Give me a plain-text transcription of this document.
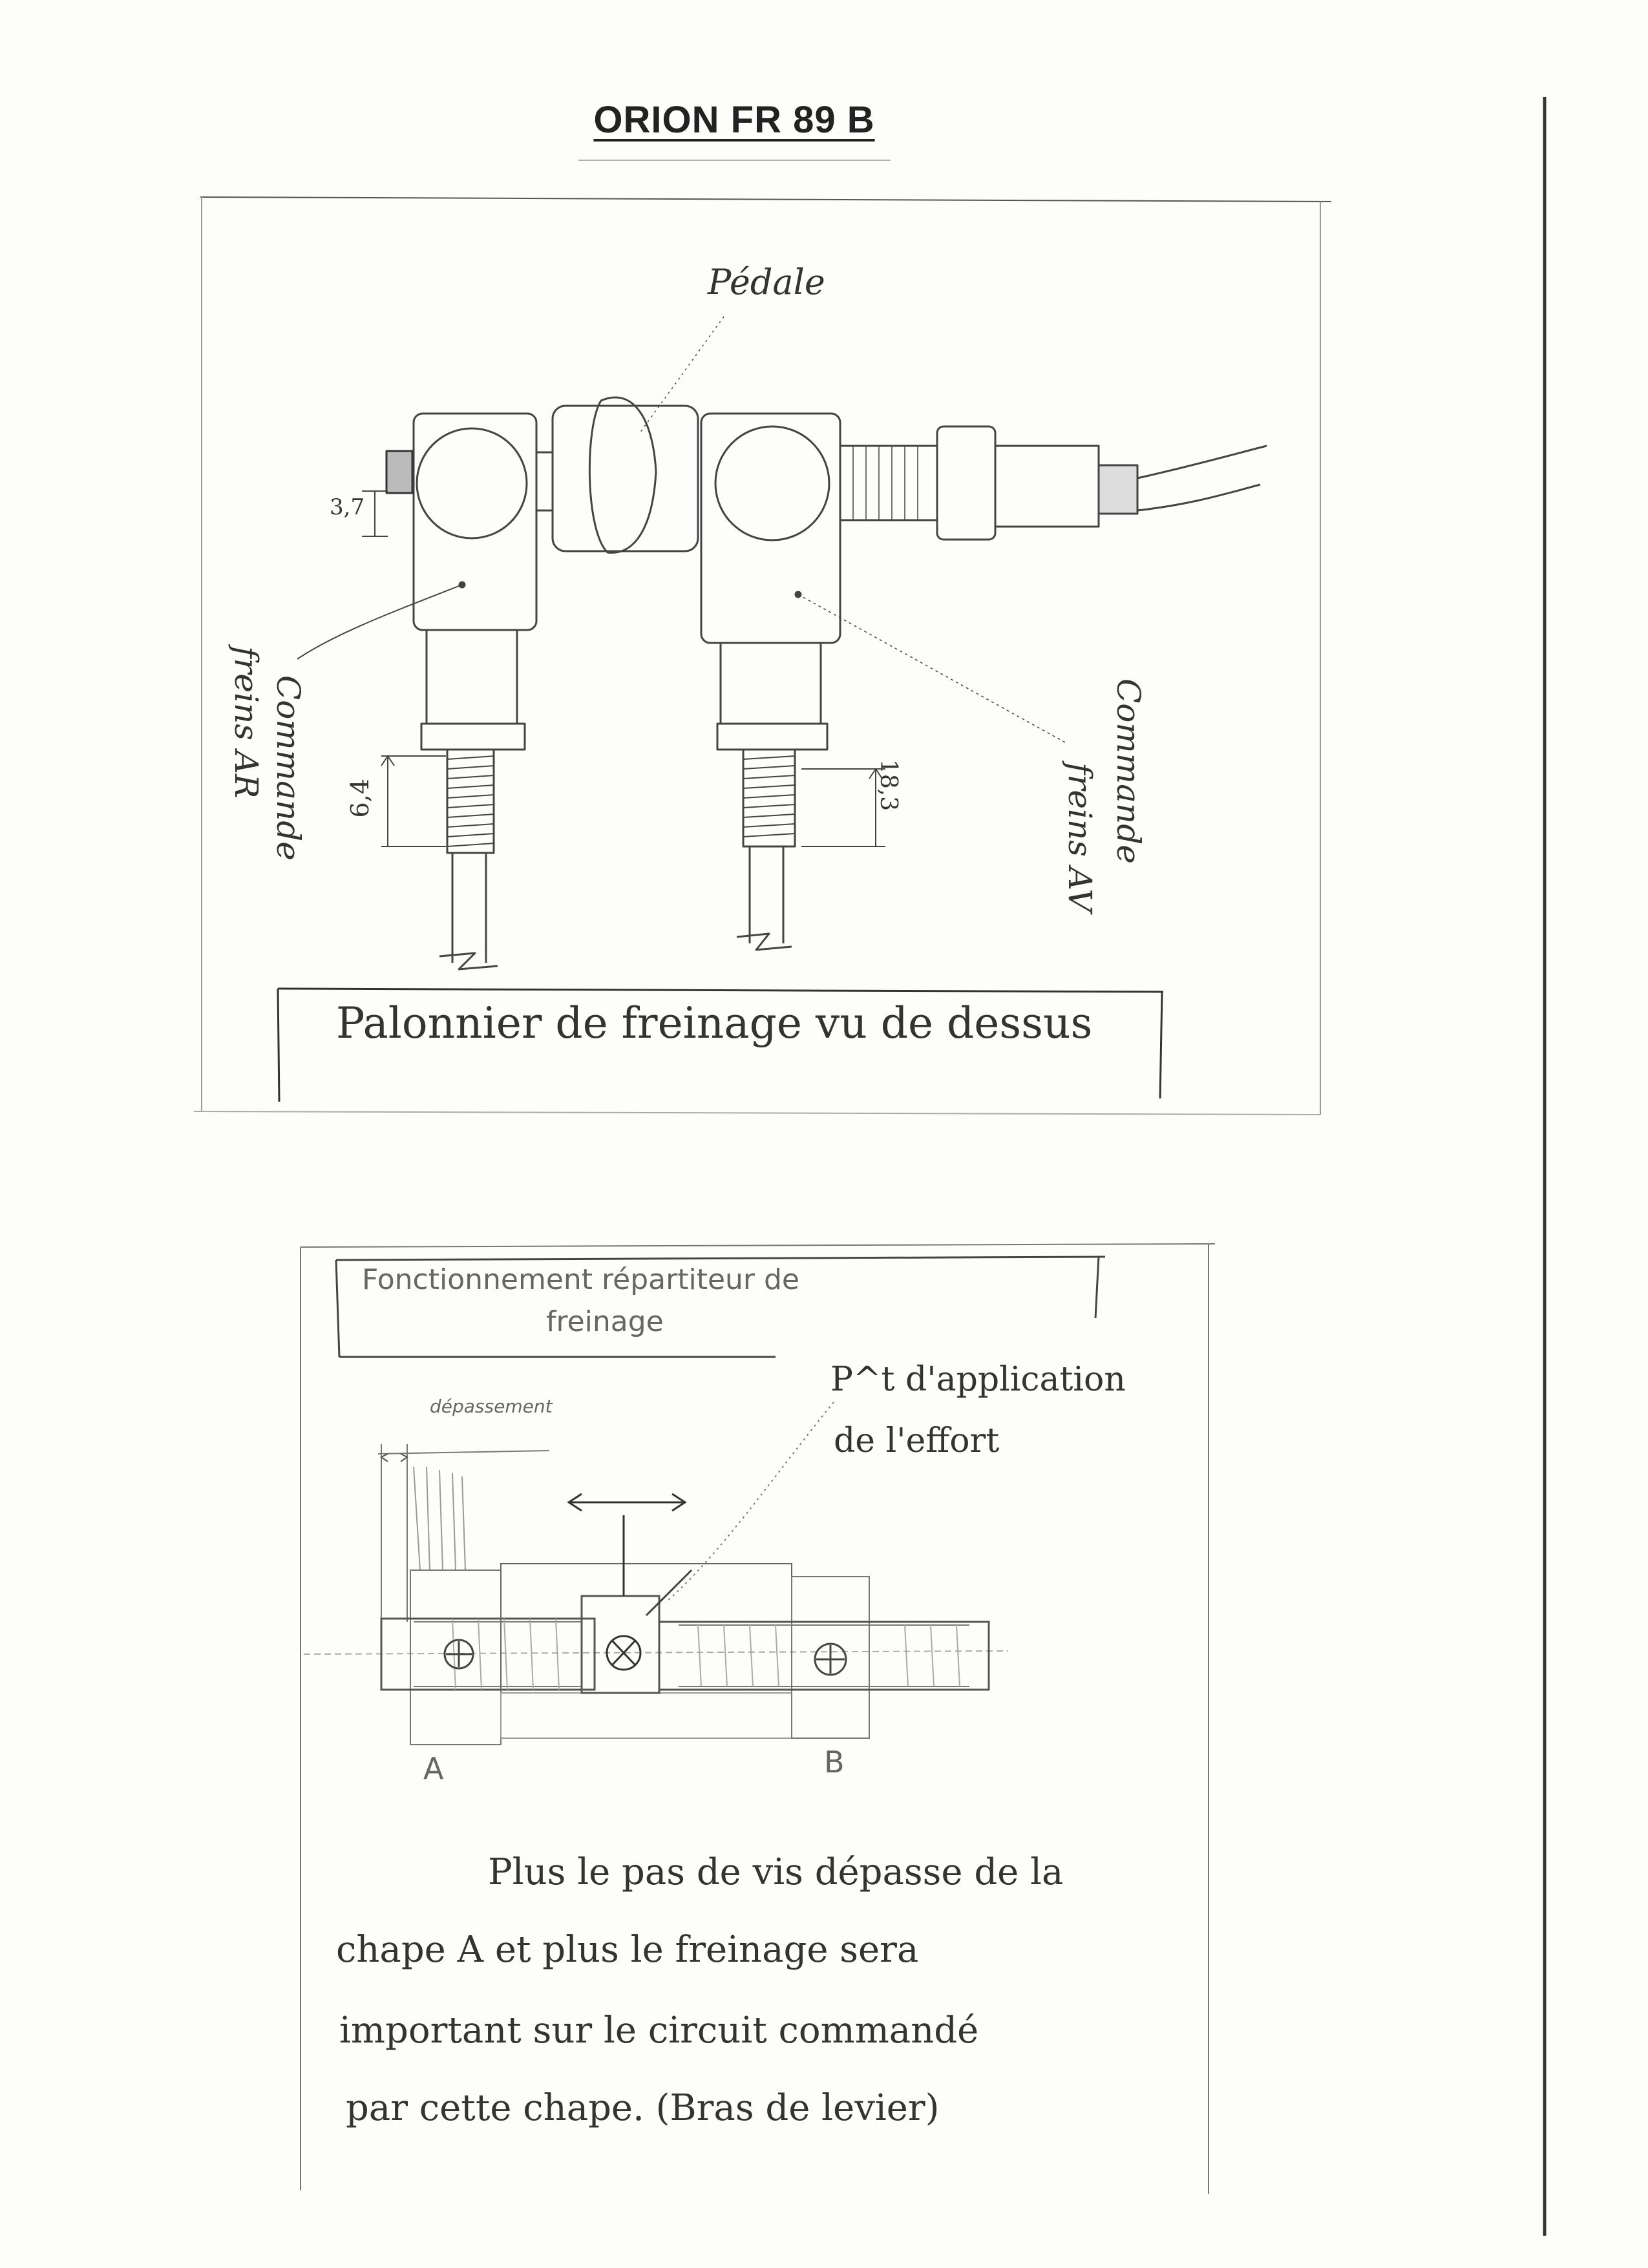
ORION FR 89 B
Pédale
3,7
6,4	18,3
Commande
freins AR	Commande
freins AV
Palonnier de freinage vu de dessus
Fonctionnement répartiteur de
freinage
dépassement
P^t d'application
de l'effort
A	B
Plus le pas de vis dépasse de la
chape A et plus le freinage sera
important sur le circuit commandé
par cette chape. (Bras de levier)
